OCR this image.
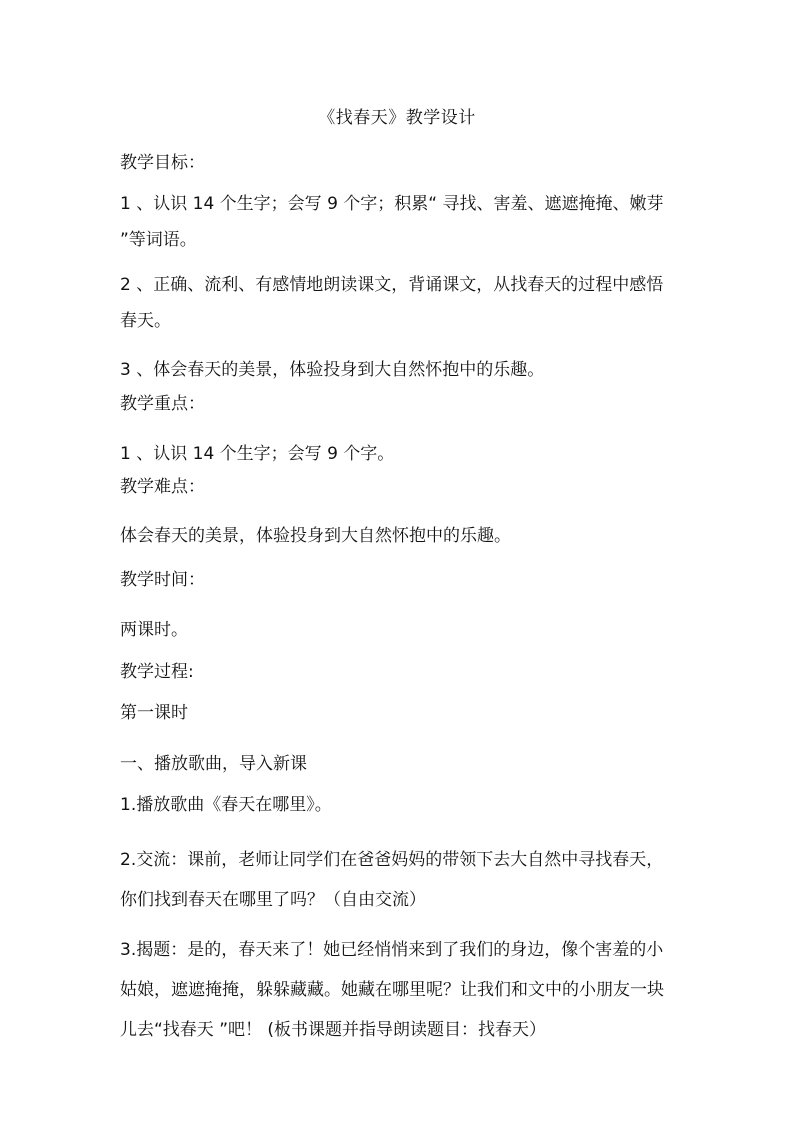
《找春天》教学设计
教学目标：
1 、认识 14 个生字；会写 9 个字；积累“ 寻找、害羞、遮遮掩掩、嫩芽 ”等词语。
2 、正确、流利、有感情地朗读课文，背诵课文，从找春天的过程中感悟春天。
3 、体会春天的美景，体验投身到大自然怀抱中的乐趣。
教学重点：
1 、认识 14 个生字；会写 9 个字。
教学难点：
体会春天的美景，体验投身到大自然怀抱中的乐趣。
教学时间：
两课时。
教学过程:
第一课时
一、播放歌曲，导入新课
1.播放歌曲《春天在哪里》。
2.交流：课前，老师让同学们在爸爸妈妈的带领下去大自然中寻找春天，你们找到春天在哪里了吗？（自由交流）
3.揭题：是的，春天来了！她已经悄悄来到了我们的身边，像个害羞的小姑娘，遮遮掩掩，躲躲藏藏。她藏在哪里呢？让我们和文中的小朋友一块儿去“找春天 ”吧！ (板书课题并指导朗读题目：找春天）
